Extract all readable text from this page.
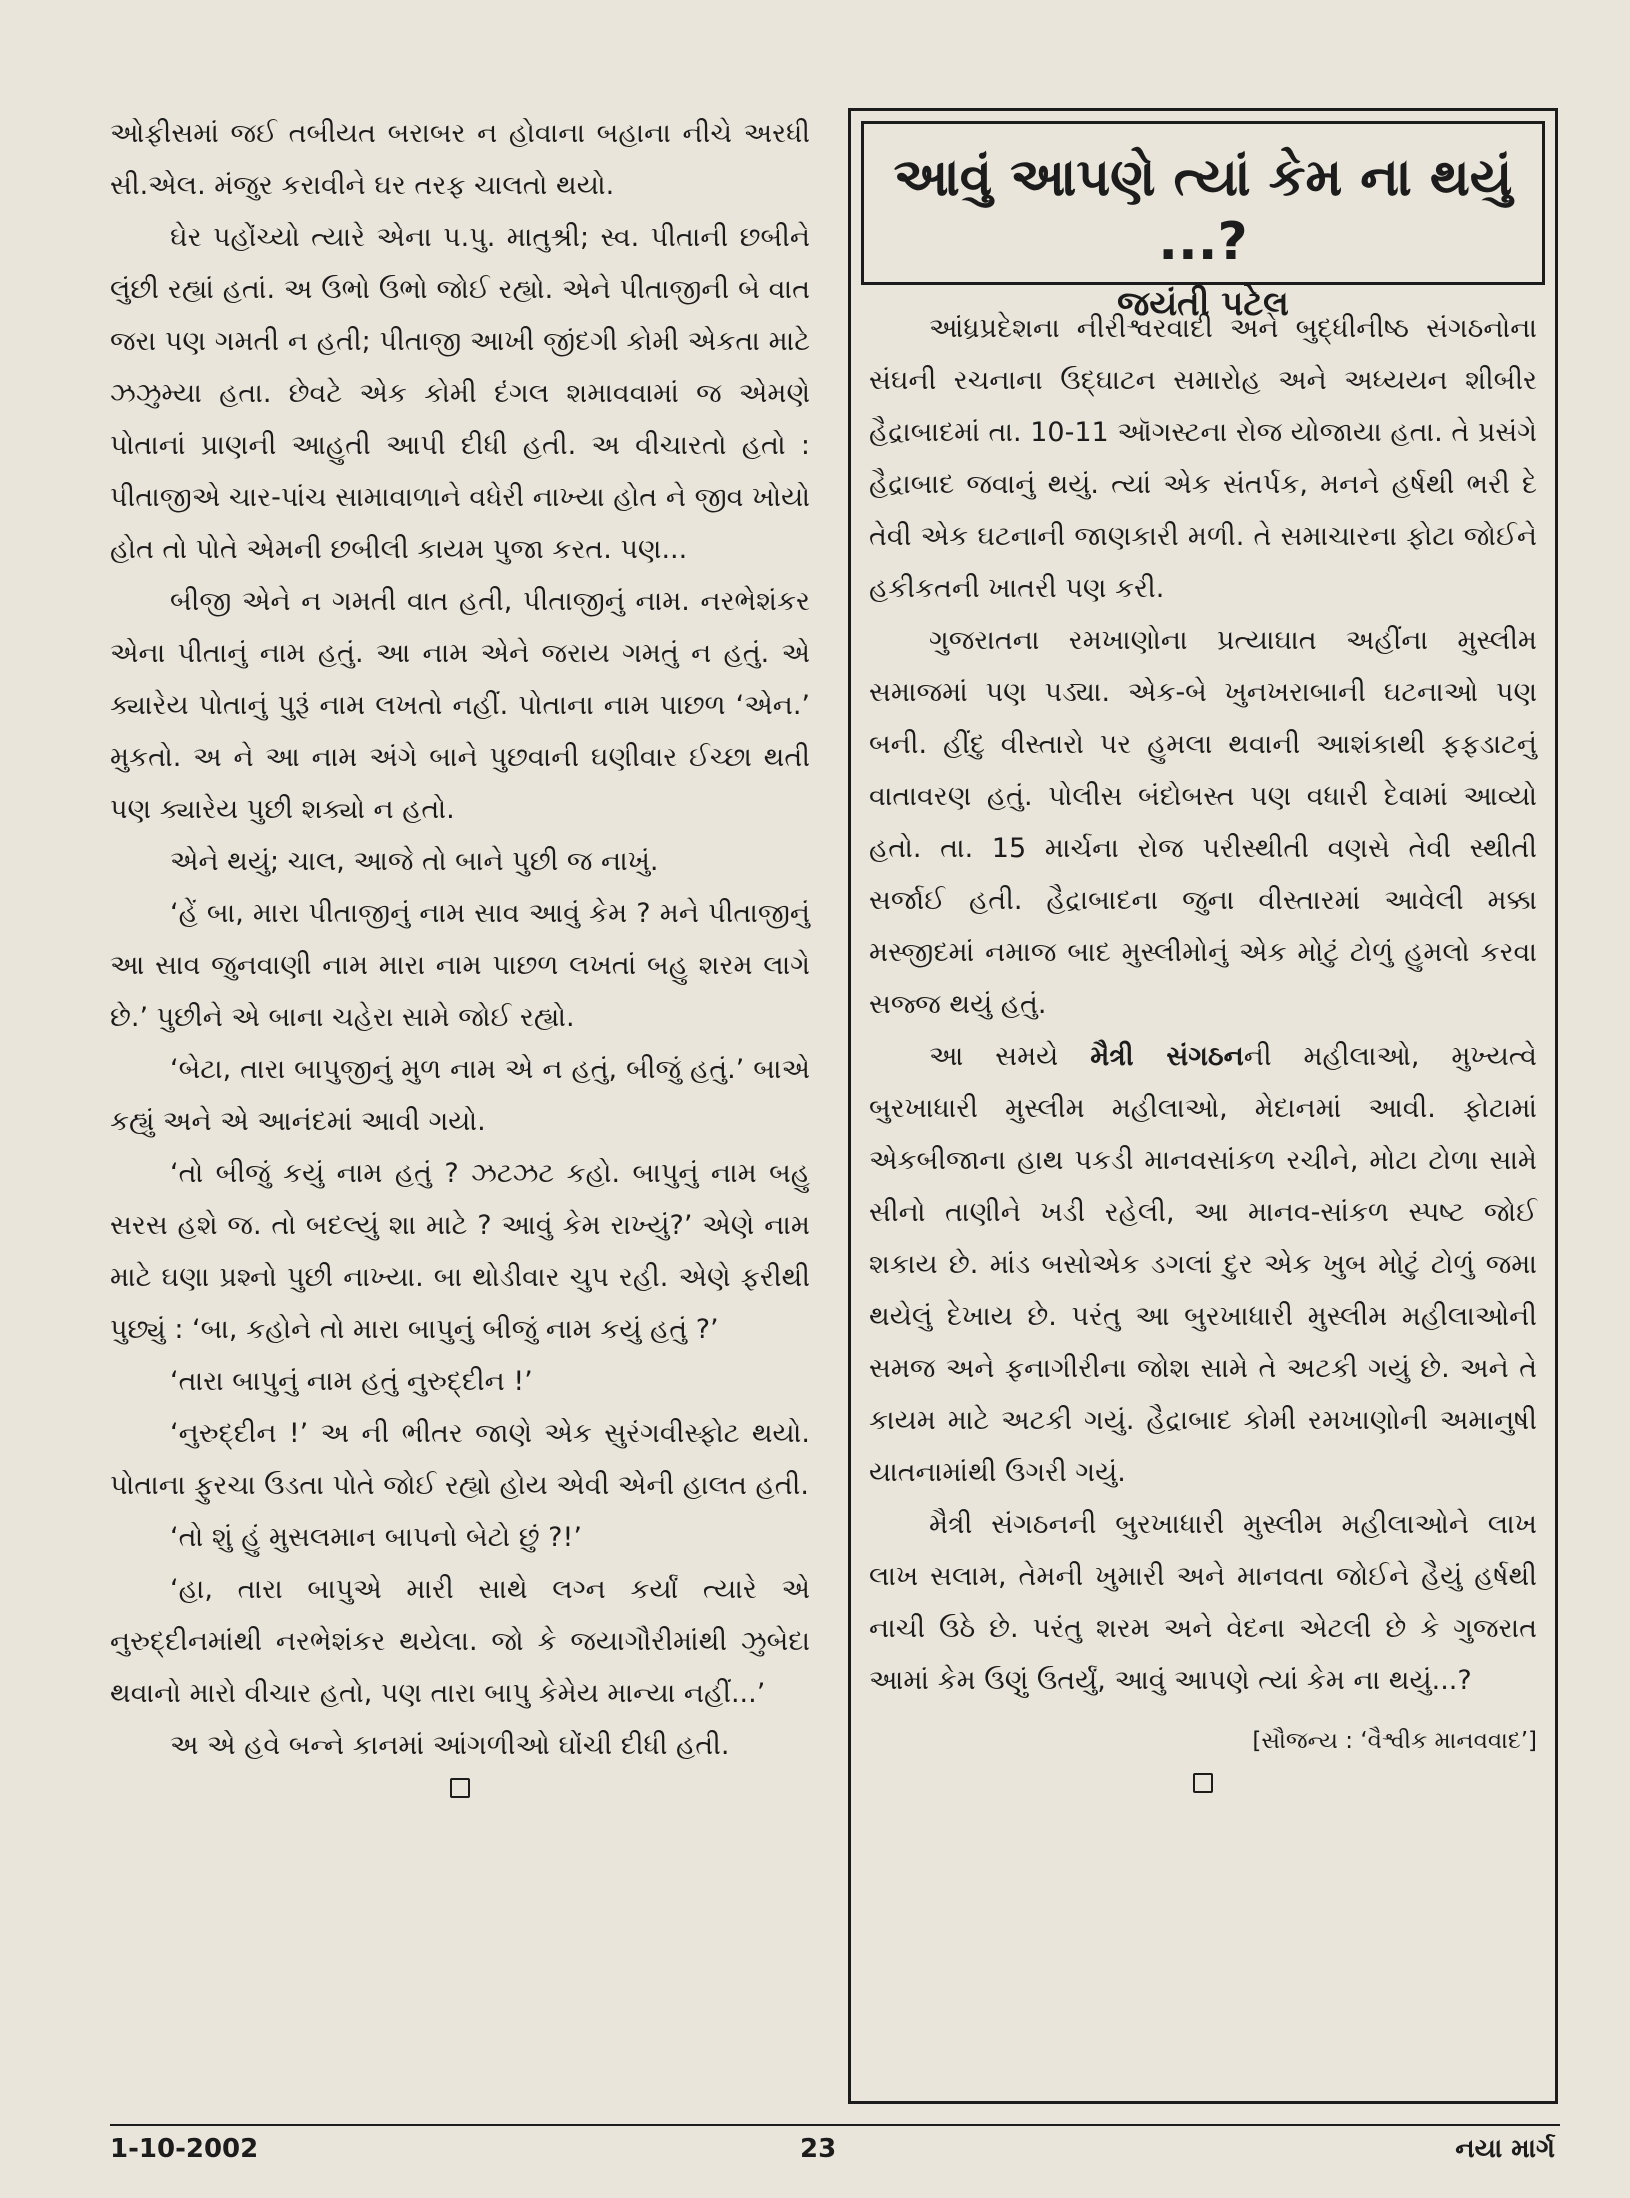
ઓફીસમાં જઈ તબીયત બરાબર ન હોવાના બહાના નીચે અરધી સી.એલ. મંજુર કરાવીને ઘર તરફ ચાલતો થયો.

ઘેર પહોંચ્યો ત્યારે એના પ.પુ. માતુશ્રી; સ્વ. પીતાની છબીને લુંછી રહ્યાં હતાં. અ ઉભો ઉભો જોઈ રહ્યો. એને પીતાજીની બે વાત જરા પણ ગમતી ન હતી; પીતાજી આખી જીંદગી કોમી એકતા માટે ઝઝુમ્યા હતા. છેવટે એક કોમી દંગલ શમાવવામાં જ એમણે પોતાનાં પ્રાણની આહુતી આપી દીધી હતી. અ વીચારતો હતો : પીતાજીએ ચાર-પાંચ સામાવાળાને વધેરી નાખ્યા હોત ને જીવ ખોયો હોત તો પોતે એમની છબીલી કાયમ પુજા કરત. પણ...

બીજી એને ન ગમતી વાત હતી, પીતાજીનું નામ. નરભેશંકર એના પીતાનું નામ હતું. આ નામ એને જરાય ગમતું ન હતું. એ ક્યારેય પોતાનું પુરૂં નામ લખતો નહીં. પોતાના નામ પાછળ ‘એન.’ મુકતો. અ ને આ નામ અંગે બાને પુછવાની ઘણીવાર ઈચ્છા થતી પણ ક્યારેય પુછી શક્યો ન હતો.

એને થયું; ચાલ, આજે તો બાને પુછી જ નાખું.

‘હેં બા, મારા પીતાજીનું નામ સાવ આવું કેમ ? મને પીતાજીનું આ સાવ જુનવાણી નામ મારા નામ પાછળ લખતાં બહુ શરમ લાગે છે.’ પુછીને એ બાના ચહેરા સામે જોઈ રહ્યો.

‘બેટા, તારા બાપુજીનું મુળ નામ એ ન હતું, બીજું હતું.’ બાએ કહ્યું અને એ આનંદમાં આવી ગયો.

‘તો બીજું કયું નામ હતું ? ઝટઝટ કહો. બાપુનું નામ બહુ સરસ હશે જ. તો બદલ્યું શા માટે ? આવું કેમ રાખ્યું?’ એણે નામ માટે ઘણા પ્રશ્નો પુછી નાખ્યા. બા થોડીવાર ચુપ રહી. એણે ફરીથી પુછ્યું : ‘બા, કહોને તો મારા બાપુનું બીજું નામ કયું હતું ?’

‘તારા બાપુનું નામ હતું નુરુદ્દીન !’

‘નુરુદ્દીન !’ અ ની ભીતર જાણે એક સુરંગવીસ્ફોટ થયો. પોતાના ફુરચા ઉડતા પોતે જોઈ રહ્યો હોય એવી એની હાલત હતી.

‘તો શું હું મુસલમાન બાપનો બેટો છું ?!’

‘હા, તારા બાપુએ મારી સાથે લગ્ન કર્યાં ત્યારે એ નુરુદ્દીનમાંથી નરભેશંકર થયેલા. જો કે જયાગૌરીમાંથી ઝુબેદા થવાનો મારો વીચાર હતો, પણ તારા બાપુ કેમેય માન્યા નહીં...’

અ એ હવે બન્ને કાનમાં આંગળીઓ ઘોંચી દીધી હતી.

આવું આપણે ત્યાં કેમ ના થયું ...?
જયંતી પટેલ

આંધ્રપ્રદેશના નીરીશ્વરવાદી અને બુદ્ધીનીષ્ઠ સંગઠનોના સંઘની રચનાના ઉદ્‌ઘાટન સમારોહ અને અધ્યયન શીબીર હૈદ્રાબાદમાં તા. 10-11 ઑગસ્ટના રોજ યોજાયા હતા. તે પ્રસંગે હૈદ્રાબાદ જવાનું થયું. ત્યાં એક સંતર્પક, મનને હર્ષથી ભરી દે તેવી એક ઘટનાની જાણકારી મળી. તે સમાચારના ફોટા જોઈને હકીકતની ખાતરી પણ કરી.

ગુજરાતના રમખાણોના પ્રત્યાઘાત અહીંના મુસ્લીમ સમાજમાં પણ પડ્યા. એક-બે ખુનખરાબાની ઘટનાઓ પણ બની. હીંદુ વીસ્તારો પર હુમલા થવાની આશંકાથી ફફડાટનું વાતાવરણ હતું. પોલીસ બંદોબસ્ત પણ વધારી દેવામાં આવ્યો હતો. તા. 15 માર્ચના રોજ પરીસ્થીતી વણસે તેવી સ્થીતી સર્જાઈ હતી. હૈદ્રાબાદના જુના વીસ્તારમાં આવેલી મક્કા મસ્જીદમાં નમાજ બાદ મુસ્લીમોનું એક મોટું ટોળું હુમલો કરવા સજ્જ થયું હતું.

આ સમયે મૈત્રી સંગઠનની મહીલાઓ, મુખ્યત્વે બુરખાધારી મુસ્લીમ મહીલાઓ, મેદાનમાં આવી. ફોટામાં એકબીજાના હાથ પકડી માનવસાંકળ રચીને, મોટા ટોળા સામે સીનો તાણીને ખડી રહેલી, આ માનવ-સાંકળ સ્પષ્ટ જોઈ શકાય છે. માંડ બસોએક ડગલાં દુર એક ખુબ મોટું ટોળું જમા થયેલું દેખાય છે. પરંતુ આ બુરખાધારી મુસ્લીમ મહીલાઓની સમજ અને ફનાગીરીના જોશ સામે તે અટકી ગયું છે. અને તે કાયમ માટે અટકી ગયું. હૈદ્રાબાદ કોમી રમખાણોની અમાનુષી યાતનામાંથી ઉગરી ગયું.

મૈત્રી સંગઠનની બુરખાધારી મુસ્લીમ મહીલાઓને લાખ લાખ સલામ, તેમની ખુમારી અને માનવતા જોઈને હૈયું હર્ષથી નાચી ઉઠે છે. પરંતુ શરમ અને વેદના એટલી છે કે ગુજરાત આમાં કેમ ઉણું ઉતર્યું, આવું આપણે ત્યાં કેમ ના થયું...?

[સૌજન્ય : ‘વૈશ્વીક માનવવાદ’]

1-10-2002	23	નયા માર્ગ
